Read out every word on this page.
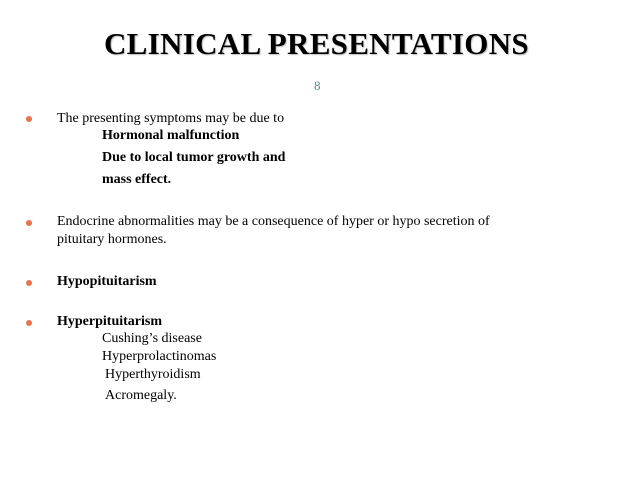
CLINICAL PRESENTATIONS
8
The presenting symptoms may be due to
Hormonal malfunction
Due to local tumor growth and
mass effect.
Endocrine abnormalities may be a consequence of hyper or hypo secretion of
pituitary hormones.
Hypopituitarism
Hyperpituitarism
Cushing’s disease
Hyperprolactinomas
Hyperthyroidism
Acromegaly.
